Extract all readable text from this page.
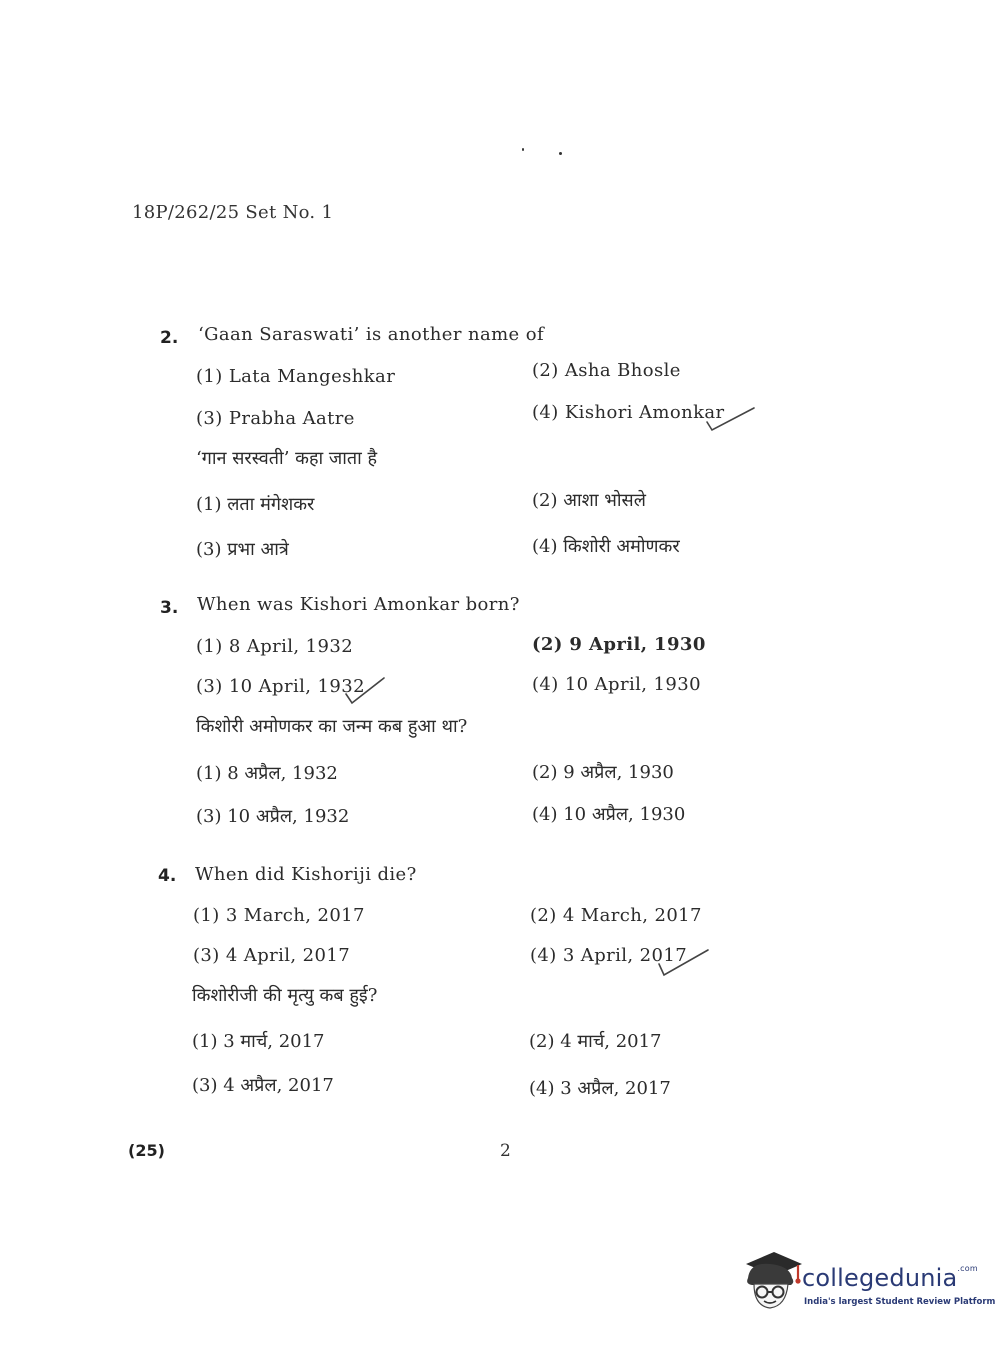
18P/262/25 Set No. 1
2. ‘Gaan Saraswati’ is another name of
(1) Lata Mangeshkar	(2) Asha Bhosle
(3) Prabha Aatre	(4) Kishori Amonkar
‘गान सरस्वती’ कहा जाता है
(1) लता मंगेशकर	(2) आशा भोसले
(3) प्रभा आत्रे	(4) किशोरी अमोणकर
3. When was Kishori Amonkar born?
(1) 8 April, 1932	(2) 9 April, 1930
(3) 10 April, 1932	(4) 10 April, 1930
किशोरी अमोणकर का जन्म कब हुआ था?
(1) 8 अप्रैल, 1932	(2) 9 अप्रैल, 1930
(3) 10 अप्रैल, 1932	(4) 10 अप्रैल, 1930
4. When did Kishoriji die?
(1) 3 March, 2017	(2) 4 March, 2017
(3) 4 April, 2017	(4) 3 April, 2017
किशोरीजी की मृत्यु कब हुई?
(1) 3 मार्च, 2017	(2) 4 मार्च, 2017
(3) 4 अप्रैल, 2017	(4) 3 अप्रैल, 2017
(25)	2
collegedunia$^{.com}$
India's largest Student Review Platform
